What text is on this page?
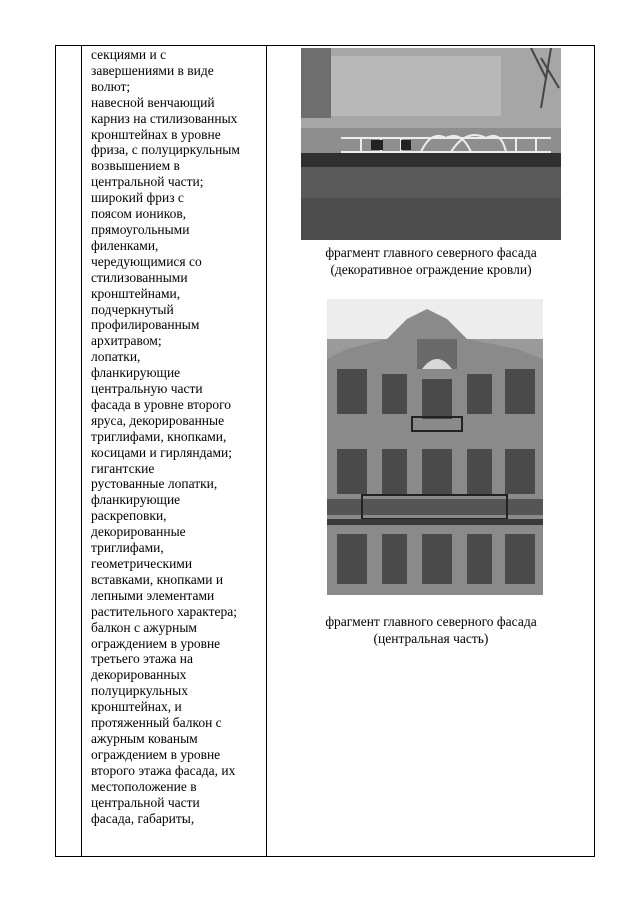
секциями и с
завершениями в виде
волют;

навесной венчающий
карниз на стилизованных
кронштейнах в уровне
фриза, с полуциркульным
возвышением в
центральной части;

широкий фриз с
поясом иоников,
прямоугольными
филенками,
чередующимися со
стилизованными
кронштейнами,
подчеркнутый
профилированным
архитравом;

лопатки,
фланкирующие
центральную части
фасада в уровне второго
яруса, декорированные
триглифами, кнопками,
косицами и гирляндами;

гигантские
рустованные лопатки,
фланкирующие
раскреповки,
декорированные
триглифами,
геометрическими
вставками, кнопками и
лепными элементами
растительного характера;

балкон с ажурным
ограждением в уровне
третьего этажа на
декорированных
полуциркульных
кронштейнах, и
протяженный балкон с
ажурным кованым
ограждением в уровне
второго этажа фасада, их
местоположение в
центральной части
фасада, габариты,

фрагмент главного северного фасада
(декоративное ограждение кровли)
фрагмент главного северного фасада
(центральная часть)
